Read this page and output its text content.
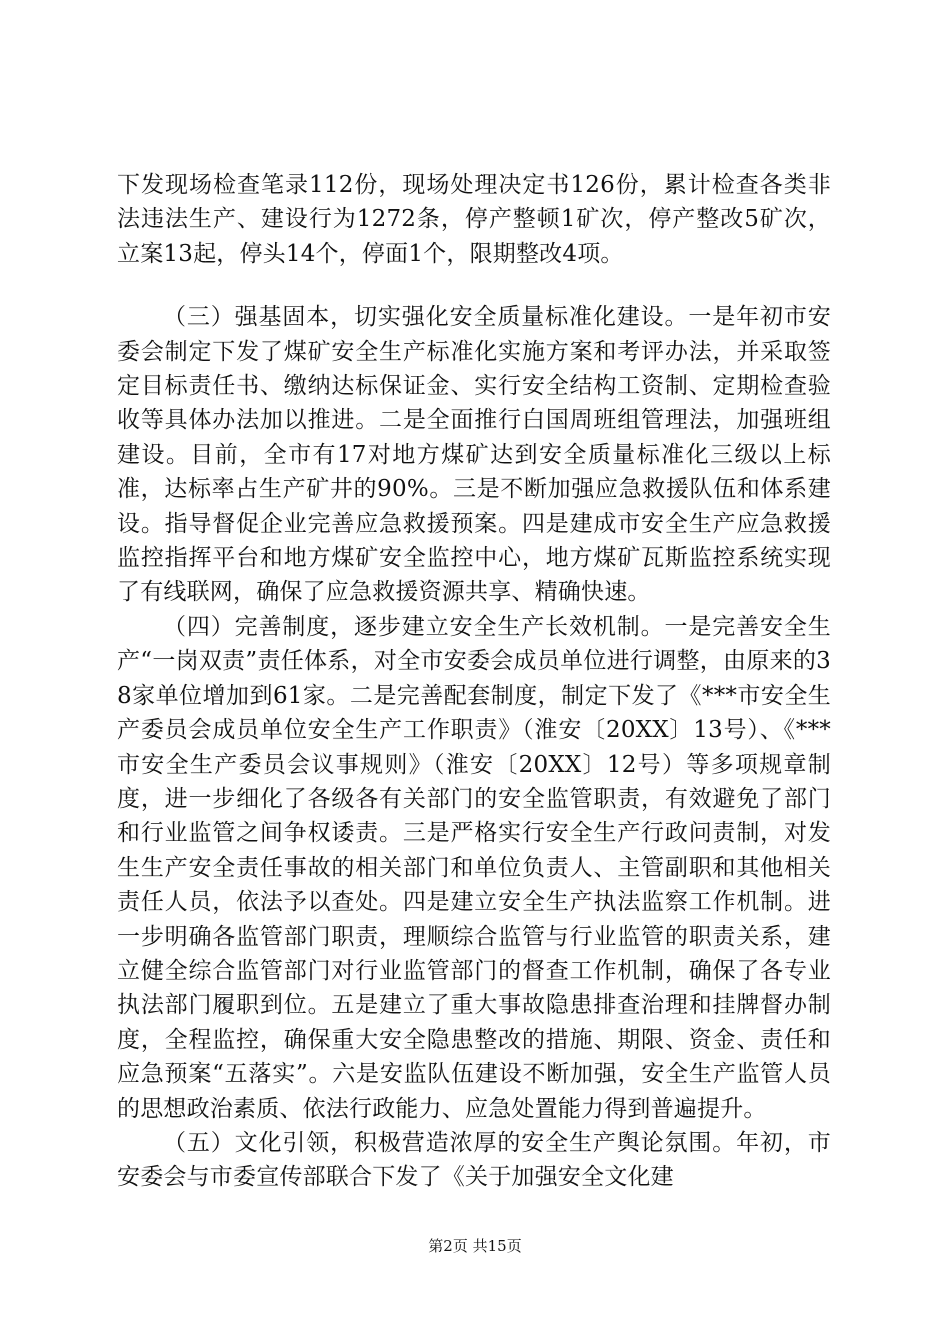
下发现场检查笔录112份，现场处理决定书126份，累计检查各类非法违法生产、建设行为1272条，停产整顿1矿次，停产整改5矿次，立案13起，停头14个，停面1个，限期整改4项。

（三）强基固本，切实强化安全质量标准化建设。一是年初市安委会制定下发了煤矿安全生产标准化实施方案和考评办法，并采取签定目标责任书、缴纳达标保证金、实行安全结构工资制、定期检查验收等具体办法加以推进。二是全面推行白国周班组管理法，加强班组建设。目前，全市有17对地方煤矿达到安全质量标准化三级以上标准，达标率占生产矿井的90%。三是不断加强应急救援队伍和体系建设。指导督促企业完善应急救援预案。四是建成市安全生产应急救援监控指挥平台和地方煤矿安全监控中心，地方煤矿瓦斯监控系统实现了有线联网，确保了应急救援资源共享、精确快速。

（四）完善制度，逐步建立安全生产长效机制。一是完善安全生产“一岗双责”责任体系，对全市安委会成员单位进行调整，由原来的38家单位增加到61家。二是完善配套制度，制定下发了《***市安全生产委员会成员单位安全生产工作职责》（淮安〔20XX〕13号）、《***市安全生产委员会议事规则》（淮安〔20XX〕12号）等多项规章制度，进一步细化了各级各有关部门的安全监管职责，有效避免了部门和行业监管之间争权诿责。三是严格实行安全生产行政问责制，对发生生产安全责任事故的相关部门和单位负责人、主管副职和其他相关责任人员，依法予以查处。四是建立安全生产执法监察工作机制。进一步明确各监管部门职责，理顺综合监管与行业监管的职责关系，建立健全综合监管部门对行业监管部门的督查工作机制，确保了各专业执法部门履职到位。五是建立了重大事故隐患排查治理和挂牌督办制度，全程监控，确保重大安全隐患整改的措施、期限、资金、责任和应急预案“五落实”。六是安监队伍建设不断加强，安全生产监管人员的思想政治素质、依法行政能力、应急处置能力得到普遍提升。

（五）文化引领，积极营造浓厚的安全生产舆论氛围。年初，市安委会与市委宣传部联合下发了《关于加强安全文化建

第2页 共15页
